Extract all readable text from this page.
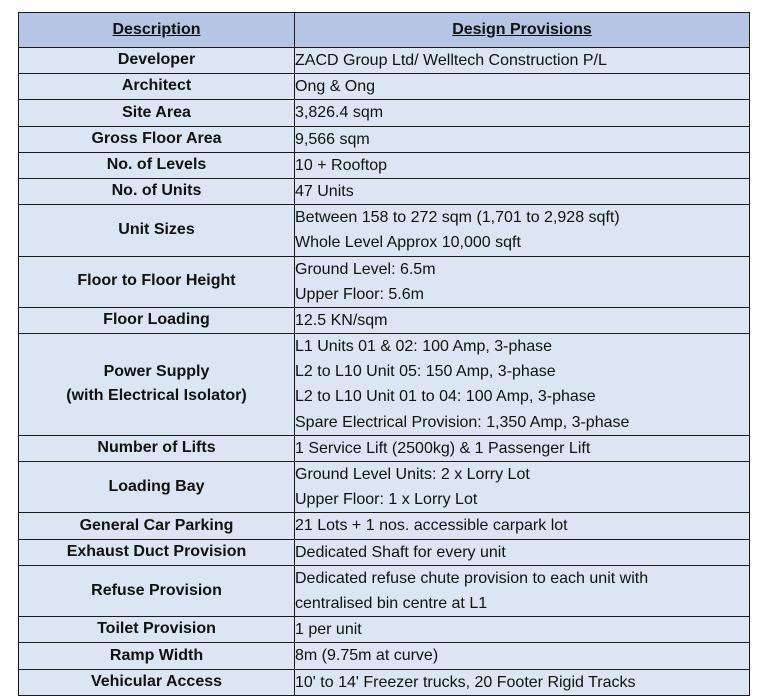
Description	Design Provisions

Developer	ZACD Group Ltd/ Welltech Construction P/L

Architect	Ong & Ong

Site Area	3,826.4 sqm

Gross Floor Area	9,566 sqm

No. of Levels	10 + Rooftop

No. of Units	47 Units

Unit Sizes	Between 158 to 272 sqm (1,701 to 2,928 sqft)
Whole Level Approx 10,000 sqft

Floor to Floor Height	Ground Level: 6.5m
Upper Floor: 5.6m

Floor Loading	12.5 KN/sqm

Power Supply
(with Electrical Isolator)	L1 Units 01 & 02: 100 Amp, 3-phase
L2 to L10 Unit 05: 150 Amp, 3-phase
L2 to L10 Unit 01 to 04: 100 Amp, 3-phase
Spare Electrical Provision: 1,350 Amp, 3-phase

Number of Lifts	1 Service Lift (2500kg) & 1 Passenger Lift

Loading Bay	Ground Level Units: 2 x Lorry Lot
Upper Floor: 1 x Lorry Lot

General Car Parking	21 Lots + 1 nos. accessible carpark lot

Exhaust Duct Provision	Dedicated Shaft for every unit

Refuse Provision	Dedicated refuse chute provision to each unit with
centralised bin centre at L1

Toilet Provision	1 per unit

Ramp Width	8m (9.75m at curve)

Vehicular Access	10' to 14' Freezer trucks, 20 Footer Rigid Tracks
